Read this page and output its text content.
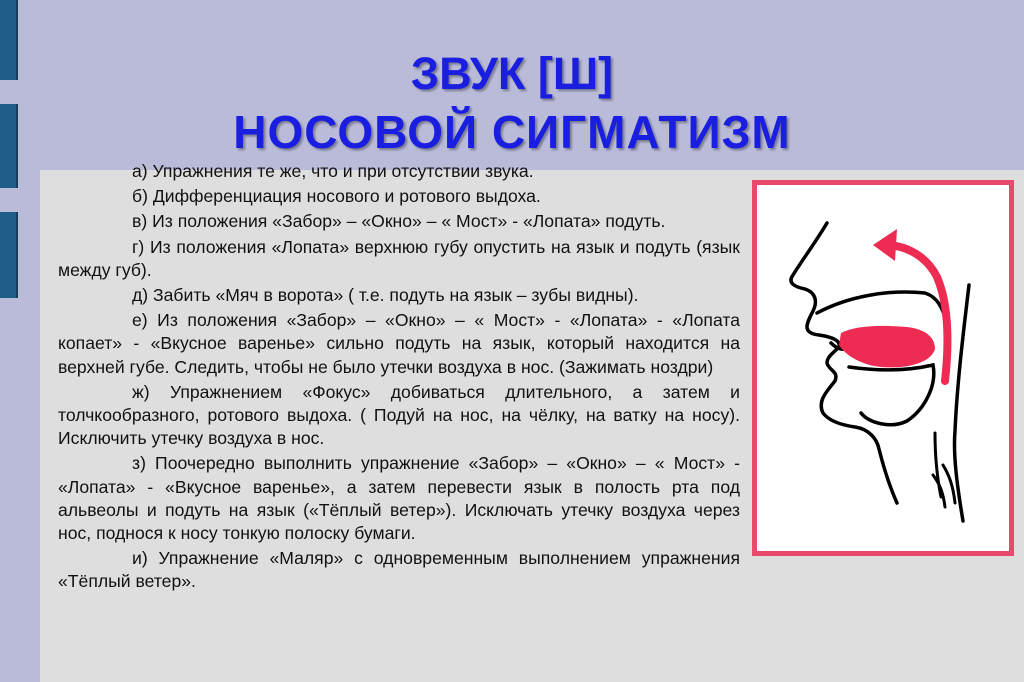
ЗВУК [Ш]
НОСОВОЙ СИГМАТИЗМ

а) Упражнения те же, что и при отсутствии звука.

б) Дифференциация носового и ротового выдоха.

в) Из положения «Забор» – «Окно» – « Мост» - «Лопата» подуть.

г) Из положения «Лопата» верхнюю губу опустить на язык и подуть (язык между губ).

д) Забить «Мяч в ворота» ( т.е. подуть на язык – зубы видны).

е) Из положения «Забор» – «Окно» – « Мост» - «Лопата» - «Лопата копает» - «Вкусное варенье» сильно подуть на язык, который находится на верхней губе. Следить, чтобы не было утечки воздуха в нос. (Зажимать ноздри)

ж) Упражнением «Фокус» добиваться длительного, а затем и толчкообразного, ротового выдоха. ( Подуй на нос, на чёлку, на ватку на носу). Исключить утечку воздуха в нос.

з) Поочередно выполнить упражнение «Забор» – «Окно» – « Мост» - «Лопата» - «Вкусное варенье», а затем перевести язык в полость рта под альвеолы и подуть на язык («Тёплый ветер»). Исключать утечку воздуха через нос, поднося к носу тонкую полоску бумаги.

и) Упражнение «Маляр» с одновременным выполнением упражнения «Тёплый ветер».
